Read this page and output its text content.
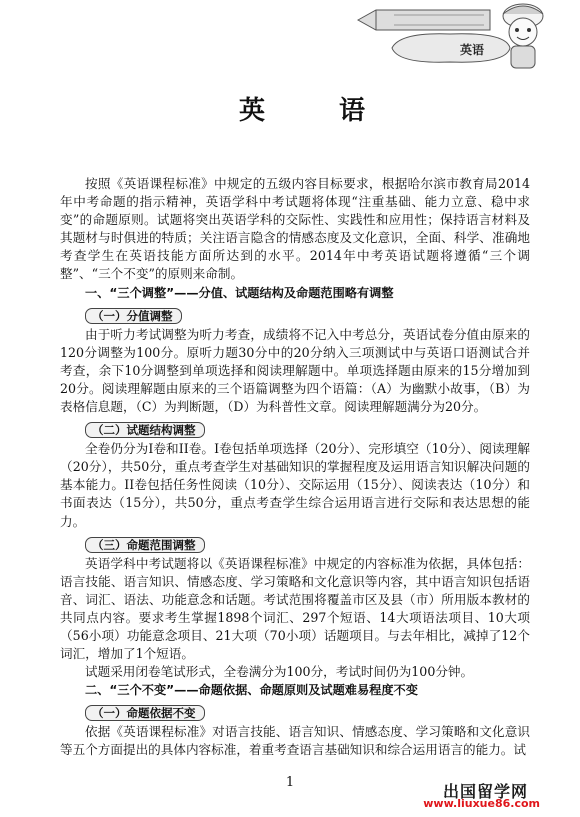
英语
英　语

按照《英语课程标准》中规定的五级内容目标要求，根据哈尔滨市教育局2014年中考命题的指示精神，英语学科中考试题将体现“注重基础、能力立意、稳中求变”的命题原则。试题将突出英语学科的交际性、实践性和应用性；保持语言材料及其题材与时俱进的特质；关注语言隐含的情感态度及文化意识，全面、科学、准确地考查学生在英语技能方面所达到的水平。2014年中考英语试题将遵循“三个调整”、“三个不变”的原则来命制。

一、“三个调整”——分值、试题结构及命题范围略有调整

（一）分值调整

由于听力考试调整为听力考查，成绩将不记入中考总分，英语试卷分值由原来的120分调整为100分。原听力题30分中的20分纳入三项测试中与英语口语测试合并考查，余下10分调整到单项选择和阅读理解题中。单项选择题由原来的15分增加到20分。阅读理解题由原来的三个语篇调整为四个语篇：（A）为幽默小故事，（B）为表格信息题，（C）为判断题，（D）为科普性文章。阅读理解题满分为20分。

（二）试题结构调整

全卷仍分为I卷和II卷。I卷包括单项选择（20分）、完形填空（10分）、阅读理解（20分），共50分，重点考查学生对基础知识的掌握程度及运用语言知识解决问题的基本能力。II卷包括任务性阅读（10分）、交际运用（15分）、阅读表达（10分）和书面表达（15分），共50分，重点考查学生综合运用语言进行交际和表达思想的能力。

（三）命题范围调整

英语学科中考试题将以《英语课程标准》中规定的内容标准为依据，具体包括：语言技能、语言知识、情感态度、学习策略和文化意识等内容，其中语言知识包括语音、词汇、语法、功能意念和话题。考试范围将覆盖市区及县（市）所用版本教材的共同点内容。要求考生掌握1898个词汇、297个短语、14大项语法项目、10大项（56小项）功能意念项目、21大项（70小项）话题项目。与去年相比，减掉了12个词汇，增加了1个短语。

试题采用闭卷笔试形式，全卷满分为100分，考试时间仍为100分钟。

二、“三个不变”——命题依据、命题原则及试题难易程度不变

（一）命题依据不变

依据《英语课程标准》对语言技能、语言知识、情感态度、学习策略和文化意识等五个方面提出的具体内容标准，着重考查语言基础知识和综合运用语言的能力。试

1	出国留学网
www.liuxue86.com
